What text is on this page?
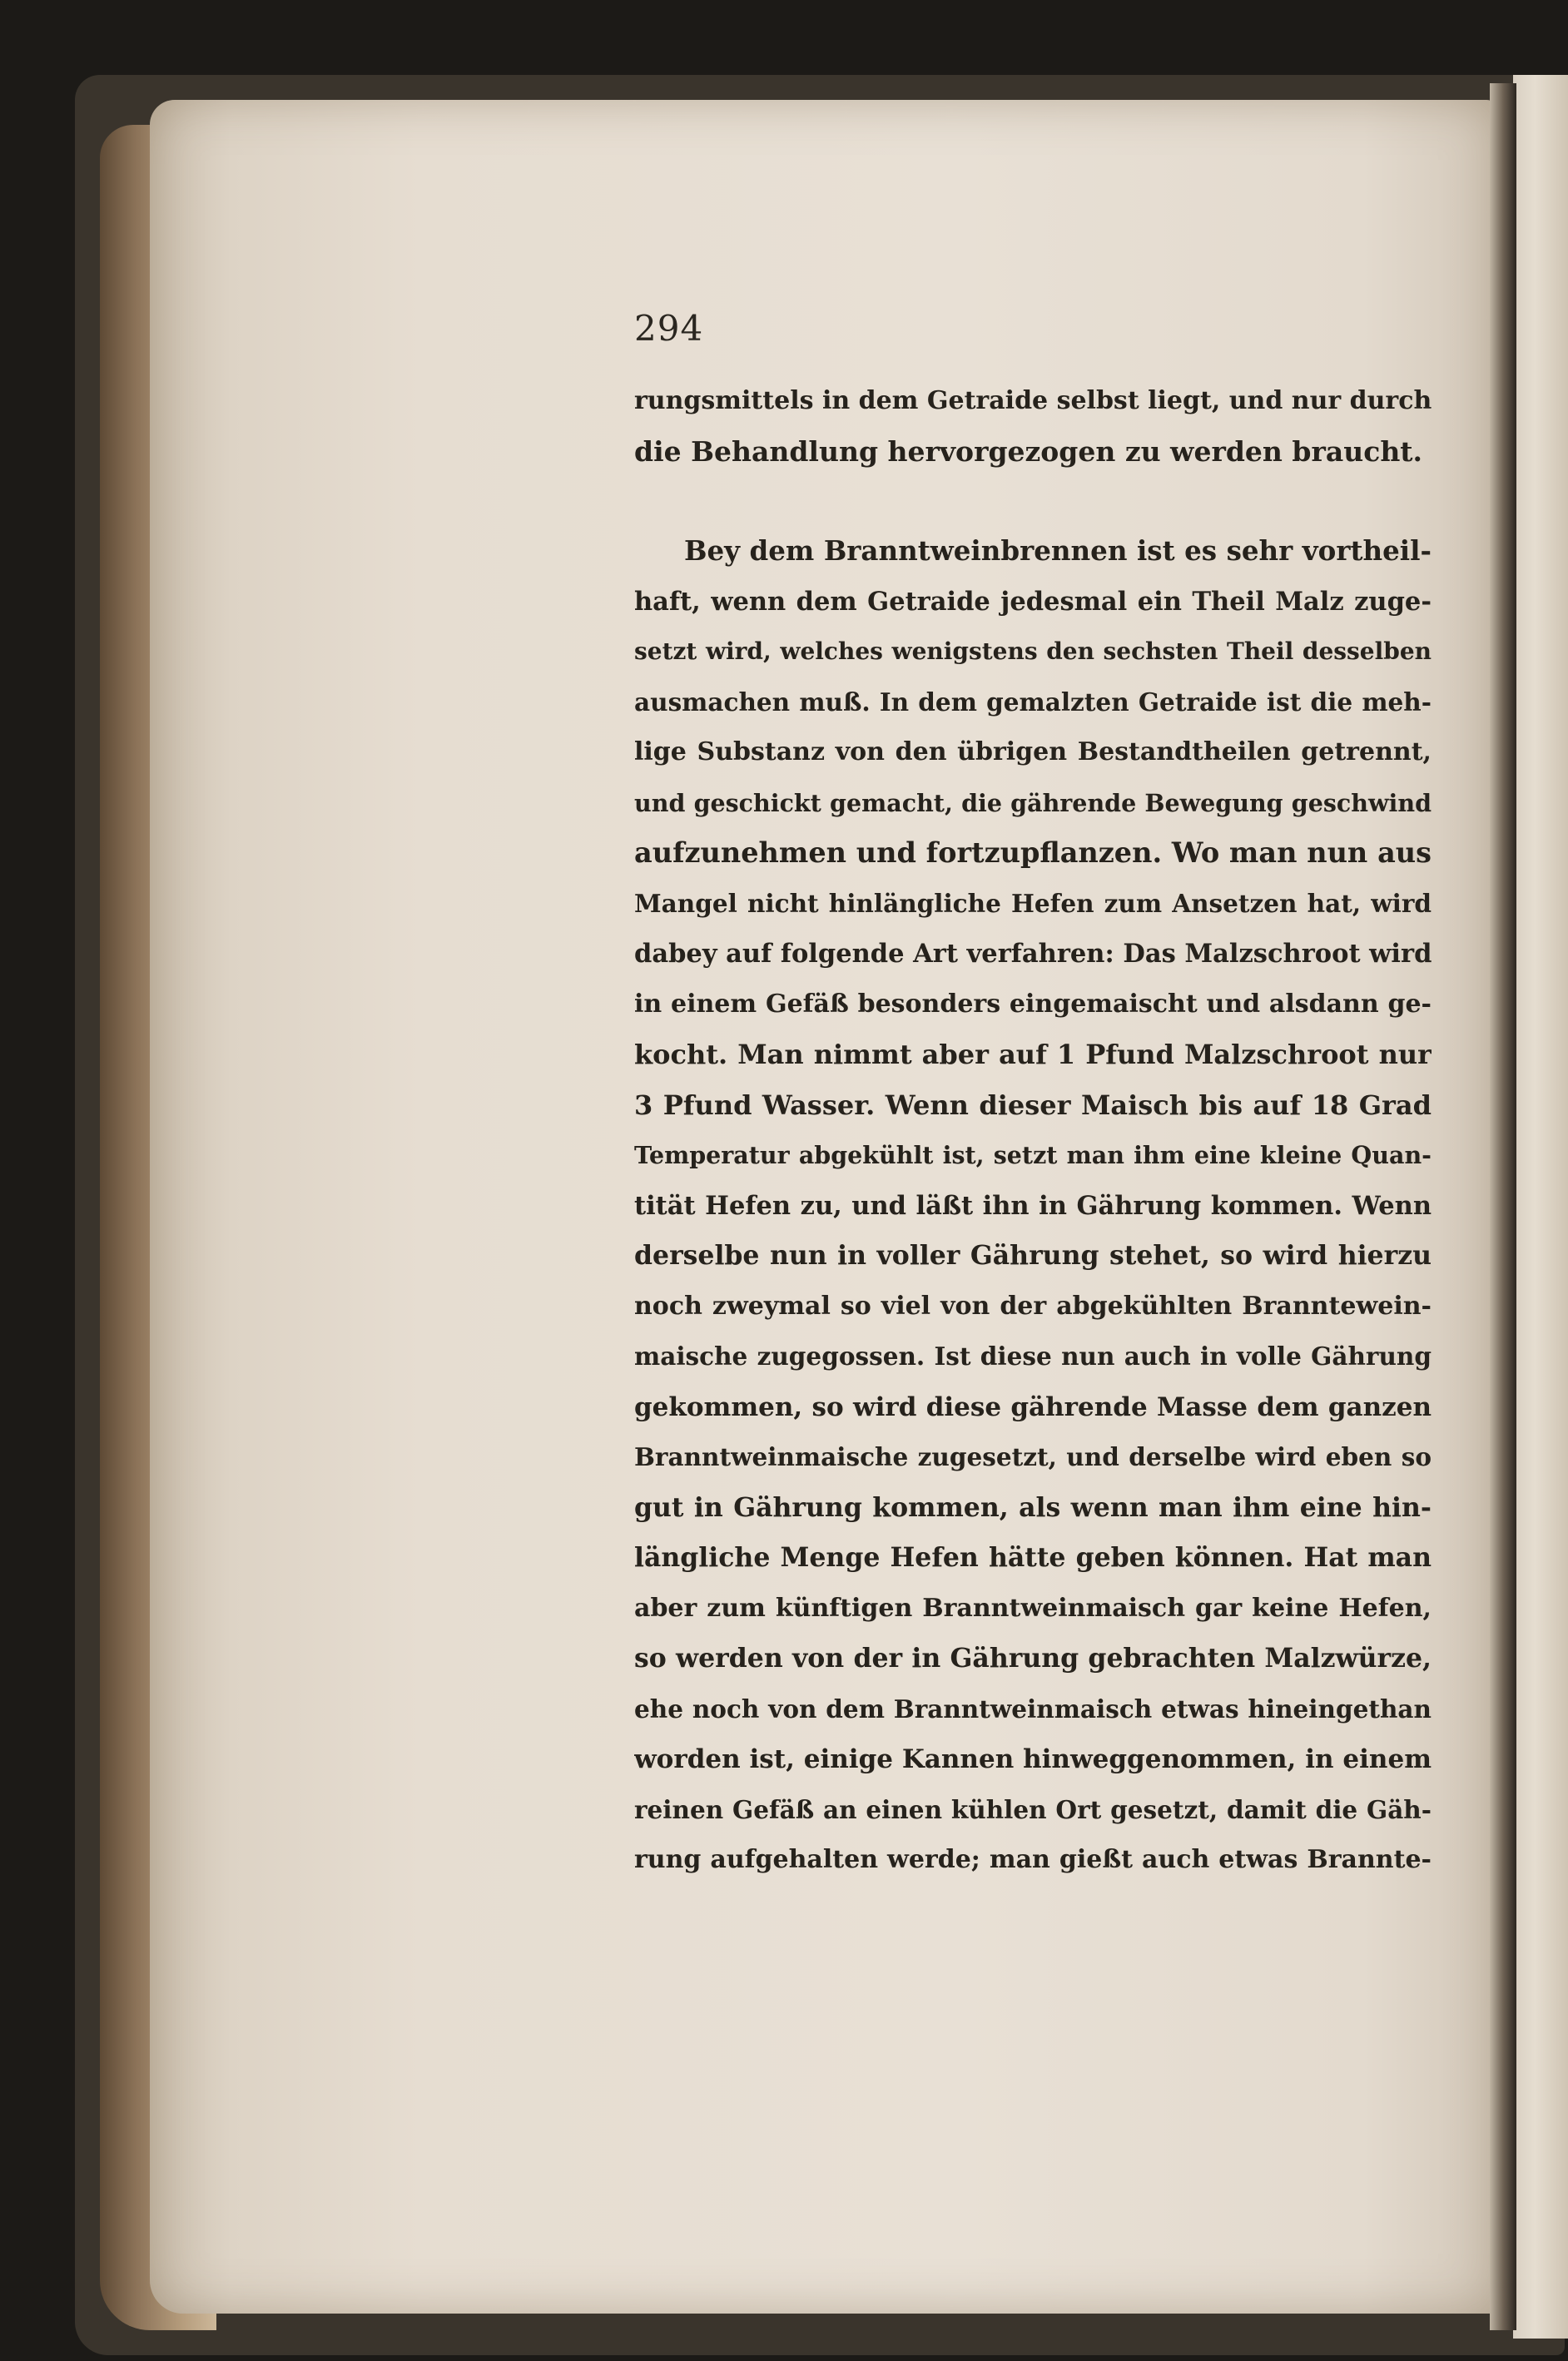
294
rungsmittels in dem Getraide selbst liegt, und nur durch
die Behandlung hervorgezogen zu werden braucht.
Bey dem Branntweinbrennen ist es sehr vortheil-
haft, wenn dem Getraide jedesmal ein Theil Malz zuge-
setzt wird, welches wenigstens den sechsten Theil desselben
ausmachen muß. In dem gemalzten Getraide ist die meh-
lige Substanz von den übrigen Bestandtheilen getrennt,
und geschickt gemacht, die gährende Bewegung geschwind
aufzunehmen und fortzupflanzen. Wo man nun aus
Mangel nicht hinlängliche Hefen zum Ansetzen hat, wird
dabey auf folgende Art verfahren: Das Malzschroot wird
in einem Gefäß besonders eingemaischt und alsdann ge-
kocht. Man nimmt aber auf 1 Pfund Malzschroot nur
3 Pfund Wasser. Wenn dieser Maisch bis auf 18 Grad
Temperatur abgekühlt ist, setzt man ihm eine kleine Quan-
tität Hefen zu, und läßt ihn in Gährung kommen. Wenn
derselbe nun in voller Gährung stehet, so wird hierzu
noch zweymal so viel von der abgekühlten Branntewein-
maische zugegossen. Ist diese nun auch in volle Gährung
gekommen, so wird diese gährende Masse dem ganzen
Branntweinmaische zugesetzt, und derselbe wird eben so
gut in Gährung kommen, als wenn man ihm eine hin-
längliche Menge Hefen hätte geben können. Hat man
aber zum künftigen Branntweinmaisch gar keine Hefen,
so werden von der in Gährung gebrachten Malzwürze,
ehe noch von dem Branntweinmaisch etwas hineingethan
worden ist, einige Kannen hinweggenommen, in einem
reinen Gefäß an einen kühlen Ort gesetzt, damit die Gäh-
rung aufgehalten werde; man gießt auch etwas Brannte-
